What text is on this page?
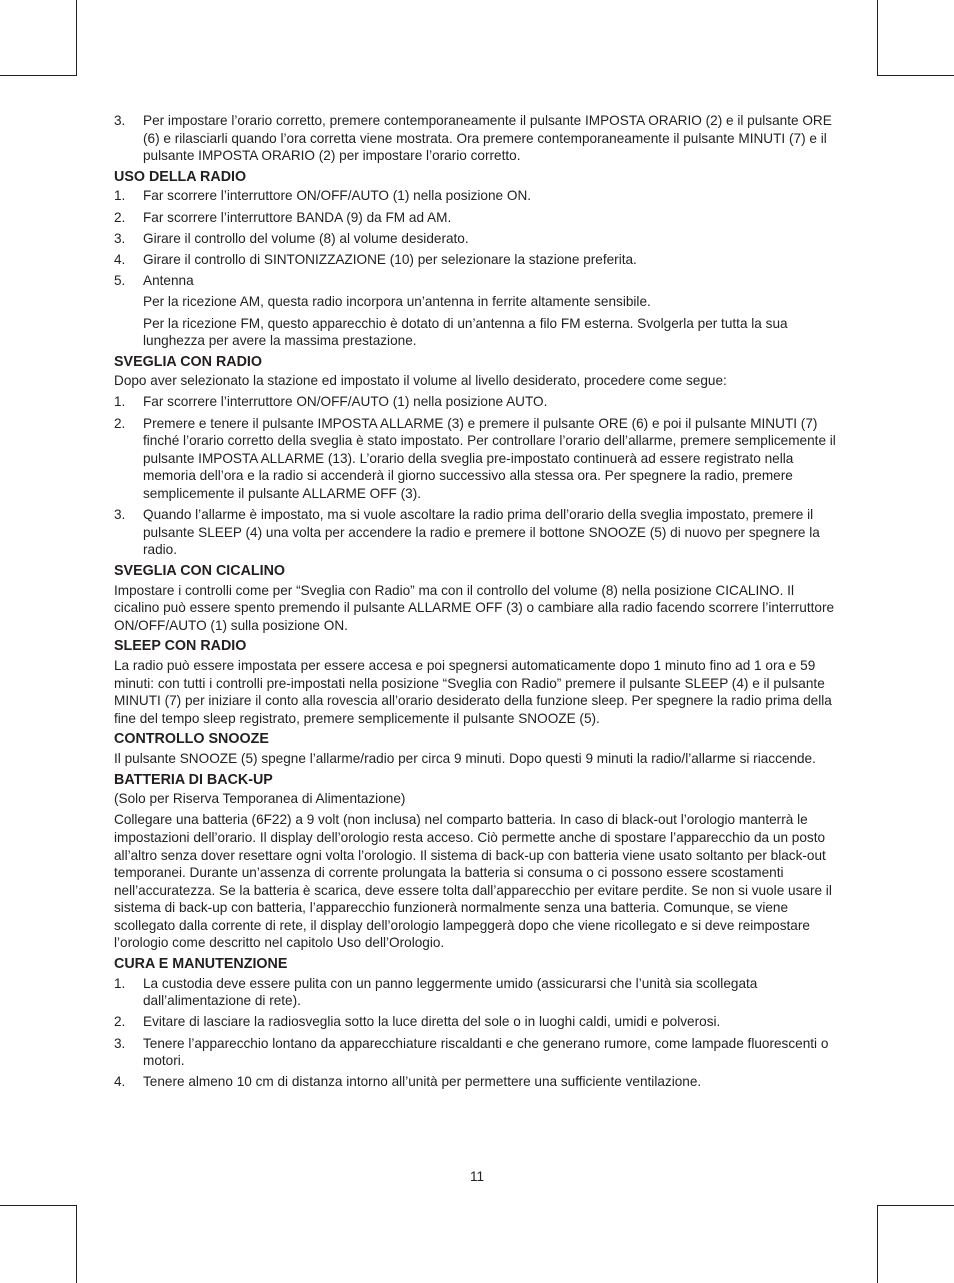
3. Per impostare l’orario corretto, premere contemporaneamente il pulsante IMPOSTA ORARIO (2) e il pulsante ORE (6) e rilasciarli quando l’ora corretta viene mostrata. Ora premere contemporaneamente il pulsante MINUTI (7) e il pulsante IMPOSTA ORARIO (2) per impostare l’orario corretto.
USO DELLA RADIO
1. Far scorrere l’interruttore ON/OFF/AUTO (1) nella posizione ON.
2. Far scorrere l’interruttore BANDA (9) da FM ad AM.
3. Girare il controllo del volume (8) al volume desiderato.
4. Girare il controllo di SINTONIZZAZIONE (10) per selezionare la stazione preferita.
5. Antenna
Per la ricezione AM, questa radio incorpora un’antenna in ferrite altamente sensibile.
Per la ricezione FM, questo apparecchio è dotato di un’antenna a filo FM esterna. Svolgerla per tutta la sua lunghezza per avere la massima prestazione.
SVEGLIA CON RADIO
Dopo aver selezionato la stazione ed impostato il volume al livello desiderato, procedere come segue:
1. Far scorrere l’interruttore ON/OFF/AUTO (1) nella posizione AUTO.
2. Premere e tenere il pulsante IMPOSTA ALLARME (3) e premere il pulsante ORE (6) e poi il pulsante MINUTI (7) finché l’orario corretto della sveglia è stato impostato. Per controllare l’orario dell’allarme, premere semplicemente il pulsante IMPOSTA ALLARME (13). L’orario della sveglia pre-impostato continuerà ad essere registrato nella memoria dell’ora e la radio si accenderà il giorno successivo alla stessa ora. Per spegnere la radio, premere semplicemente il pulsante ALLARME OFF (3).
3. Quando l’allarme è impostato, ma si vuole ascoltare la radio prima dell’orario della sveglia impostato, premere il pulsante SLEEP (4) una volta per accendere la radio e premere il bottone SNOOZE (5) di nuovo per spegnere la radio.
SVEGLIA CON CICALINO
Impostare i controlli come per “Sveglia con Radio” ma con il controllo del volume (8) nella posizione CICALINO. Il cicalino può essere spento premendo il pulsante ALLARME OFF (3) o cambiare alla radio facendo scorrere l’interruttore ON/OFF/AUTO (1) sulla posizione ON.
SLEEP CON RADIO
La radio può essere impostata per essere accesa e poi spegnersi automaticamente dopo 1 minuto fino ad 1 ora e 59 minuti: con tutti i controlli pre-impostati nella posizione “Sveglia con Radio” premere il pulsante SLEEP (4) e il pulsante MINUTI (7) per iniziare il conto alla rovescia all’orario desiderato della funzione sleep. Per spegnere la radio prima della fine del tempo sleep registrato, premere semplicemente il pulsante SNOOZE (5).
CONTROLLO SNOOZE
Il pulsante SNOOZE (5) spegne l’allarme/radio per circa 9 minuti. Dopo questi 9 minuti la radio/l’allarme si riaccende.
BATTERIA DI BACK-UP
(Solo per Riserva Temporanea di Alimentazione)
Collegare una batteria (6F22) a 9 volt (non inclusa) nel comparto batteria. In caso di black-out l’orologio manterrà le impostazioni dell’orario. Il display dell’orologio resta acceso. Ciò permette anche di spostare l’apparecchio da un posto all’altro senza dover resettare ogni volta l’orologio. Il sistema di back-up con batteria viene usato soltanto per black-out temporanei. Durante un’assenza di corrente prolungata la batteria si consuma o ci possono essere scostamenti nell’accuratezza. Se la batteria è scarica, deve essere tolta dall’apparecchio per evitare perdite. Se non si vuole usare il sistema di back-up con batteria, l’apparecchio funzionerà normalmente senza una batteria. Comunque, se viene scollegato dalla corrente di rete, il display dell’orologio lampeggerà dopo che viene ricollegato e si deve reimpostare l’orologio come descritto nel capitolo Uso dell’Orologio.
CURA E MANUTENZIONE
1. La custodia deve essere pulita con un panno leggermente umido (assicurarsi che l’unità sia scollegata dall’alimentazione di rete).
2. Evitare di lasciare la radiosveglia sotto la luce diretta del sole o in luoghi caldi, umidi e polverosi.
3. Tenere l’apparecchio lontano da apparecchiature riscaldanti e che generano rumore, come lampade fluorescenti o motori.
4. Tenere almeno 10 cm di distanza intorno all’unità per permettere una sufficiente ventilazione.
11
